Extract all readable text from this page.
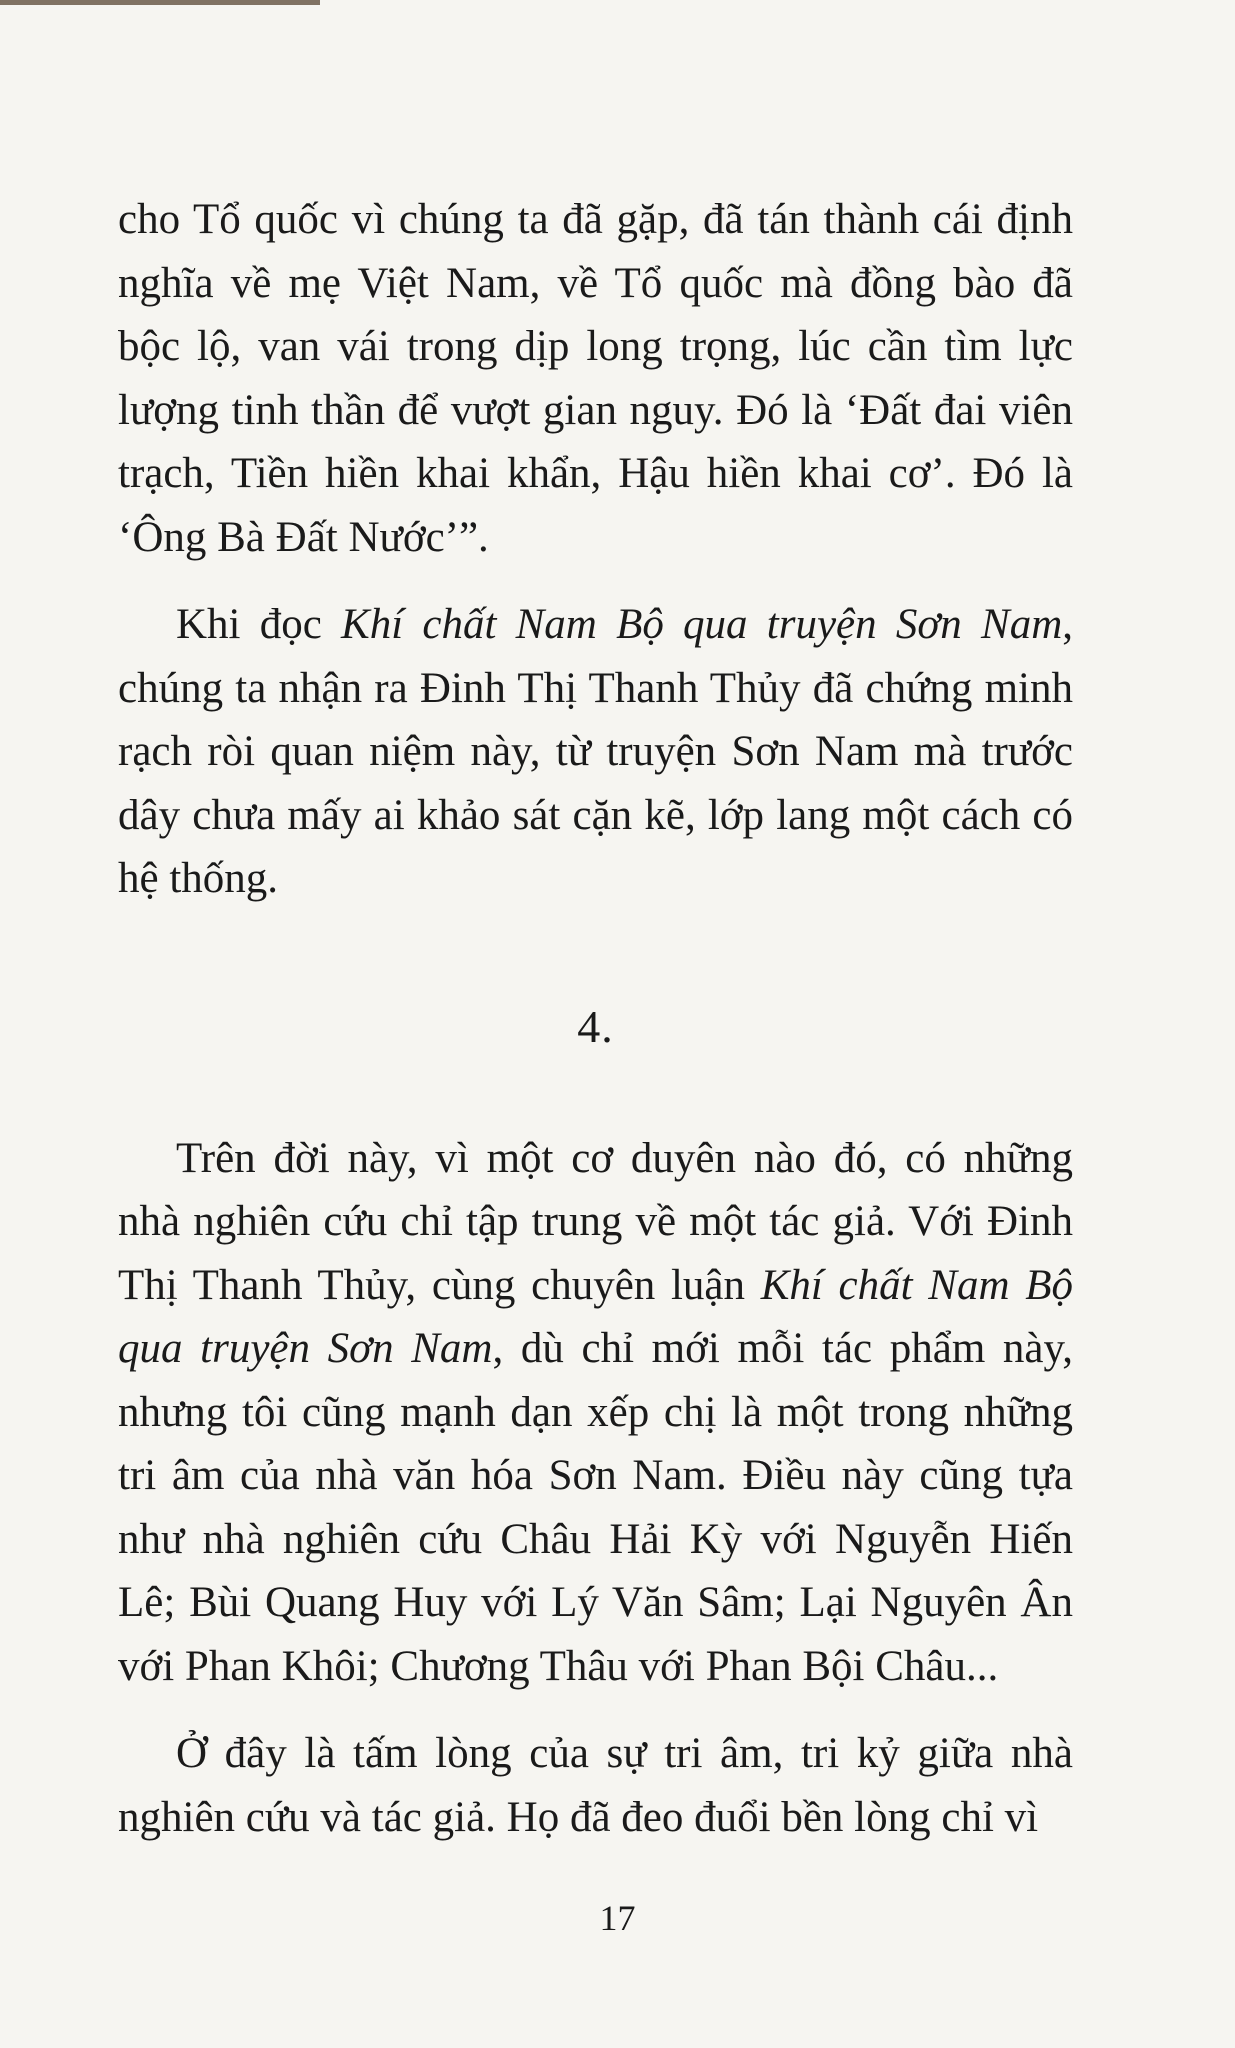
cho Tổ quốc vì chúng ta đã gặp, đã tán thành cái định nghĩa về mẹ Việt Nam, về Tổ quốc mà đồng bào đã bộc lộ, van vái trong dịp long trọng, lúc cần tìm lực lượng tinh thần để vượt gian nguy. Đó là ‘Đất đai viên trạch, Tiền hiền khai khẩn, Hậu hiền khai cơ’. Đó là ‘Ông Bà Đất Nước’”.

Khi đọc Khí chất Nam Bộ qua truyện Sơn Nam, chúng ta nhận ra Đinh Thị Thanh Thủy đã chứng minh rạch ròi quan niệm này, từ truyện Sơn Nam mà trước dây chưa mấy ai khảo sát cặn kẽ, lớp lang một cách có hệ thống.

4.

Trên đời này, vì một cơ duyên nào đó, có những nhà nghiên cứu chỉ tập trung về một tác giả. Với Đinh Thị Thanh Thủy, cùng chuyên luận Khí chất Nam Bộ qua truyện Sơn Nam, dù chỉ mới mỗi tác phẩm này, nhưng tôi cũng mạnh dạn xếp chị là một trong những tri âm của nhà văn hóa Sơn Nam. Điều này cũng tựa như nhà nghiên cứu Châu Hải Kỳ với Nguyễn Hiến Lê; Bùi Quang Huy với Lý Văn Sâm; Lại Nguyên Ân với Phan Khôi; Chương Thâu với Phan Bội Châu...

Ở đây là tấm lòng của sự tri âm, tri kỷ giữa nhà nghiên cứu và tác giả. Họ đã đeo đuổi bền lòng chỉ vì

17
